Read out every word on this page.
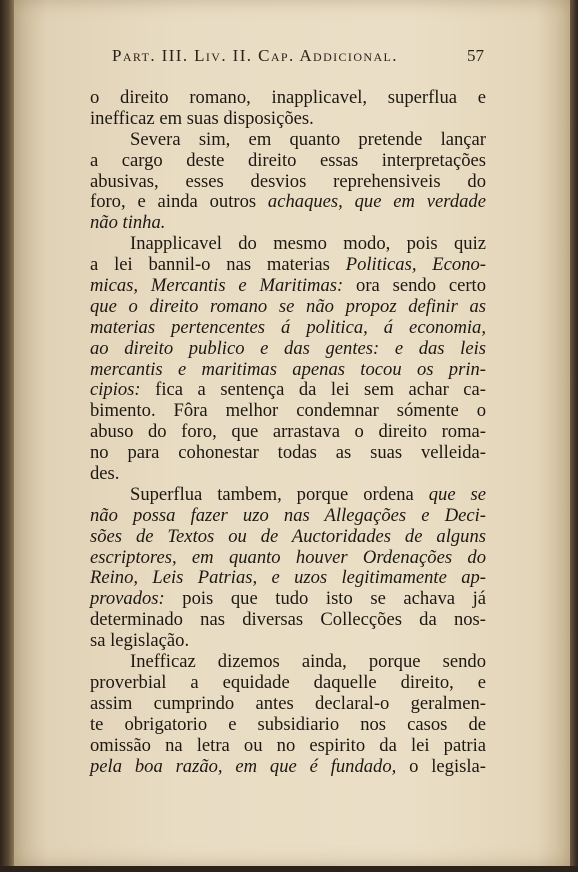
Part. III. Liv. II. Cap. Addicional.	57
o direito romano, inapplicavel, superflua e
inefficaz em suas disposições.
Severa sim, em quanto pretende lançar
a cargo deste direito essas interpretações
abusivas, esses desvios reprehensiveis do
foro, e ainda outros achaques, que em verdade
não tinha.
Inapplicavel do mesmo modo, pois quiz
a lei bannil-o nas materias Politicas, Econo-
micas, Mercantis e Maritimas: ora sendo certo
que o direito romano se não propoz definir as
materias pertencentes á politica, á economia,
ao direito publico e das gentes: e das leis
mercantis e maritimas apenas tocou os prin-
cipios: fica a sentença da lei sem achar ca-
bimento. Fôra melhor condemnar sómente o
abuso do foro, que arrastava o direito roma-
no para cohonestar todas as suas velleida-
des.
Superflua tambem, porque ordena que se
não possa fazer uzo nas Allegações e Deci-
sões de Textos ou de Auctoridades de alguns
escriptores, em quanto houver Ordenações do
Reino, Leis Patrias, e uzos legitimamente ap-
provados: pois que tudo isto se achava já
determinado nas diversas Collecções da nos-
sa legislação.
Inefficaz dizemos ainda, porque sendo
proverbial a equidade daquelle direito, e
assim cumprindo antes declaral-o geralmen-
te obrigatorio e subsidiario nos casos de
omissão na letra ou no espirito da lei patria
pela boa razão, em que é fundado, o legisla-
